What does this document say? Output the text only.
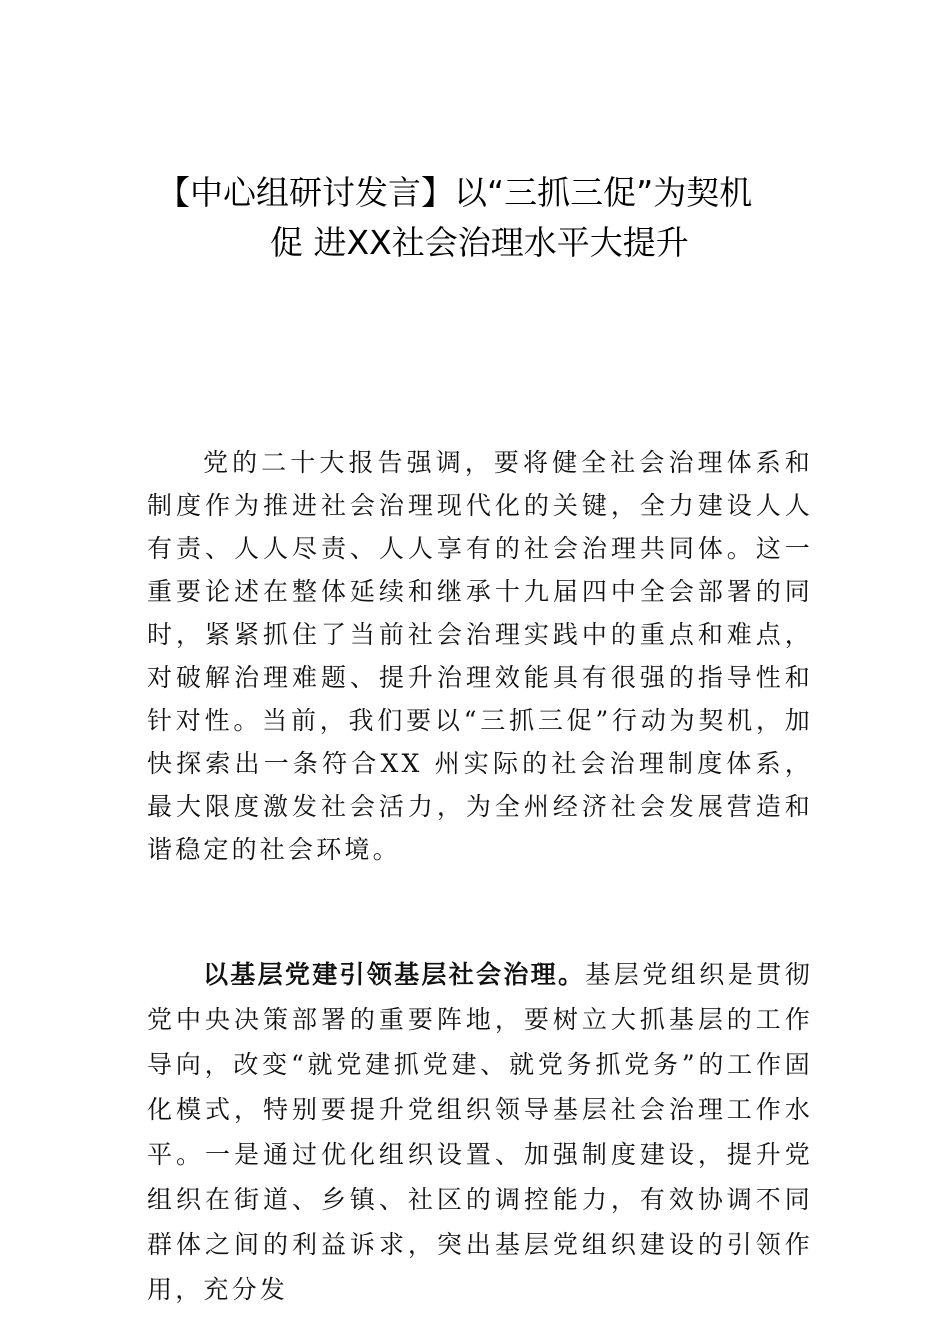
【中心组研讨发言】以“三抓三促”为契机
促 进XX社会治理水平大提升

党的二十大报告强调，要将健全社会治理体系和制度作为推进社会治理现代化的关键，全力建设人人有责、人人尽责、人人享有的社会治理共同体。这一重要论述在整体延续和继承十九届四中全会部署的同时，紧紧抓住了当前社会治理实践中的重点和难点，对破解治理难题、提升治理效能具有很强的指导性和针对性。当前，我们要以“三抓三促”行动为契机，加快探索出一条符合XX 州实际的社会治理制度体系，最大限度激发社会活力，为全州经济社会发展营造和谐稳定的社会环境。

以基层党建引领基层社会治理。基层党组织是贯彻党中央决策部署的重要阵地，要树立大抓基层的工作导向，改变“就党建抓党建、就党务抓党务”的工作固化模式，特别要提升党组织领导基层社会治理工作水平。一是通过优化组织设置、加强制度建设，提升党组织在街道、乡镇、社区的调控能力，有效协调不同群体之间的利益诉求，突出基层党组织建设的引领作用，充分发
